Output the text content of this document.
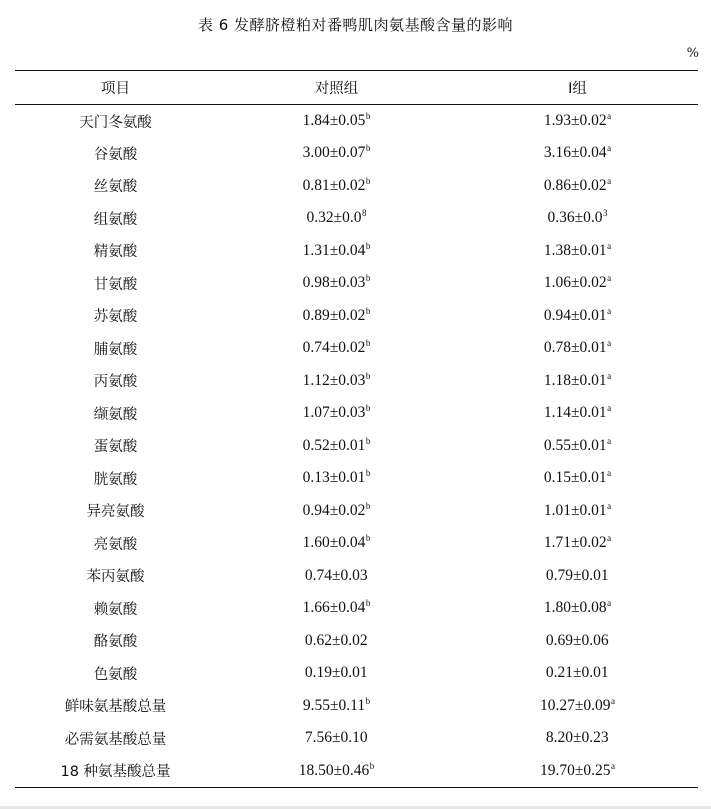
表 6 发酵脐橙粕对番鸭肌肉氨基酸含量的影响
%
项目	对照组	Ⅰ组
天门冬氨酸	1.84±0.05$^b$	1.93±0.02$^a$
谷氨酸	3.00±0.07$^b$	3.16±0.04$^a$
丝氨酸	0.81±0.02$^b$	0.86±0.02$^a$
组氨酸	$0.32\pm 0.0^8$	$0.36\pm 0.0^3$
精氨酸	1.31±0.04$^b$	1.38±0.01$^a$
甘氨酸	0.98±0.03$^b$	1.06±0.02$^a$
苏氨酸	0.89±0.02$^b$	0.94±0.01$^a$
脯氨酸	0.74±0.02$^b$	0.78±0.01$^a$
丙氨酸	1.12±0.03$^b$	1.18±0.01$^a$
缬氨酸	1.07±0.03$^b$	1.14±0.01$^a$
蛋氨酸	0.52±0.01$^b$	0.55±0.01$^a$
胱氨酸	0.13±0.01$^b$	0.15±0.01$^a$
异亮氨酸	0.94±0.02$^b$	1.01±0.01$^a$
亮氨酸	1.60±0.04$^b$	1.71±0.02$^a$
苯丙氨酸	0.74±0.03	0.79±0.01
赖氨酸	1.66±0.04$^b$	1.80±0.08$^a$
酪氨酸	0.62±0.02	0.69±0.06
色氨酸	0.19±0.01	0.21±0.01
鲜味氨基酸总量	9.55±0.11$^b$	10.27±0.09$^a$
必需氨基酸总量	7.56±0.10	8.20±0.23
18 种氨基酸总量	18.50±0.46$^b$	19.70±0.25$^a$
